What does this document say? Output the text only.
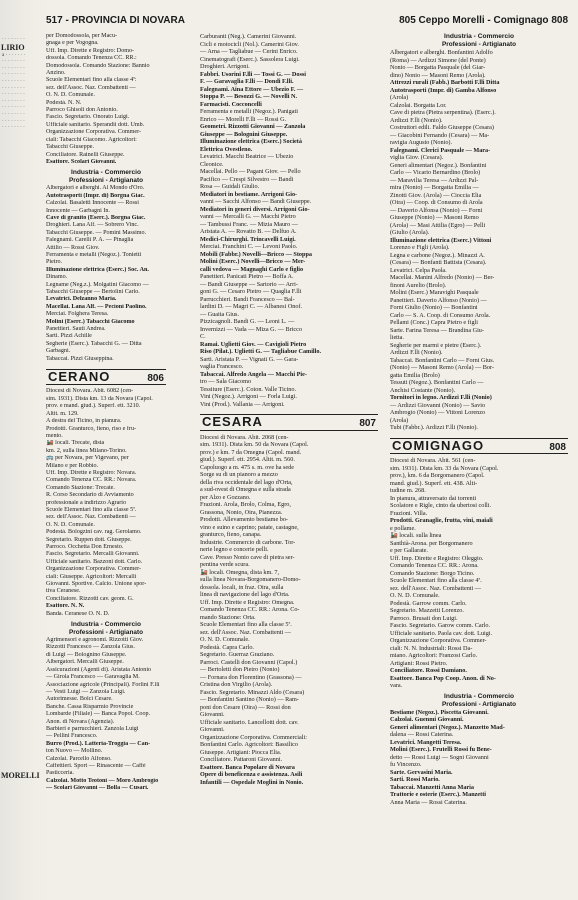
· · · · · · · ·
LIRIO
a · · · · · · ·
· · · · · · · ·
· · · · · · · ·
· · · · · · · ·
· · · · · · · ·
· · · · · · · ·
· · · · · · · ·
· · · · · · · ·
· · · · · · · ·
· · · · · · · ·
· · · · · · · ·
· · · · · · · ·
MORELLI
517 - PROVINCIA DI NOVARA	805 Ceppo Morelli - Comignago 808
per Domodossola, per Macu-
gnaga e per Vogogna.
Uff. Imp. Dirette e Registro: Domo-
dossola. Comando Tenenza CC. RR.:
Domodossola. Comando Stazione: Bannio
Anzino.
Scuole Elementari fino alla classe 4ª:
sez. dell'Assoc. Naz. Combattenti —
O. N. D. Comunale.
Podestà. N. N.
Parroco Ghisoli don Antonio.
Fascio. Segretario. Onorato Luigi.
Ufficiale sanitario. Sperandii dott. Umb.
Organizzazione Corporativa. Commer-
ciali: Tabacchi Giacomo. Agricoltori:
Tabacchi Giuseppe.
Conciliatore. Rainelli Giuseppe.
Esattore. Scolari Giovanni.
Industria - Commercio
Professioni - Artigianato
Albergatori e alberghi. Al Mondo d'Oro.
Autotrasporti (Impr. di) Borgna Giac.
Calzolai. Basaletti Innocente — Rossi
Innocente — Garbagni In.
Cave di granito (Eserc.). Borgna Giac.
Droghieri. Lana Alf. — Sobrero Vinc.
Tabacchi Giuseppe. — Pomini Massimo.
Falegnami. Carelli P. A. — Pinaglia
Attilio — Rossi Giov.
Ferramenta e metalli (Negoz.). Tonietti
Pietro.
Illuminazione elettrica (Eserc.) Soc. An.
Dinamo.
Legname (Neg.z.). Molgatini Giacomo —
Tabacchi Giuseppe — Bertolini Carlo.
Levatrici. Delzanno Maria.
Macellai. Lana Alf. — Pecioni Paolino.
Merciai. Folghera Teresa.
Molini (Eserc.) Tabacchi Giacomo
Panettieri. Sauti Andrea.
Sarti. Pizzi Achille
Segherie (Eserc.). Tabacchi G. — Ditta
Garbagni.
Tabaccai. Pizzi Giuseppina.
CERANO	806
Diocesi di Novara. Abit. 6082 (cen-
sim. 1931). Dista km. 13 da Novara (Capol.
prov. e mand. giud.). Superf. ett. 3210.
Altit. m. 129.
A destra del Ticino, in pianura.
Prodotti. Granturco, fieno, riso e fru-
mento.
🚂 locali. Trecate, dista
km. 2, sulla linea Milano-Torino.
🚌 per Novara, per Vigevano, per
Milano e per Robbio.
Uff. Imp. Dirette e Registro: Novara.
Comando Tenenza CC. RR.: Novara.
Comando Stazione: Trecate.
R. Corso Secondario di Avviamento
professionale a indirizzo Agrario
Scuole Elementari fino alla classe 5ª.
sez. dell'Assoc. Naz. Combattenti —
O. N. D. Comunale.
Podestà. Bologzini cav. rag. Gerolamo.
Segretario. Ruppen dott. Giuseppe.
Parroco. Occhetta Don Ernesto.
Fascio. Segretario. Mercalli Giovanni.
Ufficiale sanitario. Bazzoni dott. Carlo.
Organizzazione Corporativa. Commer-
ciali: Giuseppe. Agricoltori: Mercalli
Giovanni. Sportive. Calcio. Unione spor-
tiva Ceranese.
Conciliatore. Rizzotti cav. geom. G.
Esattore. N. N.
Banda. Ceranese O. N. D.
Industria - Commercio
Professioni - Artigianato
Agrimensori e agronomi. Rizzotti Giov.
Rizzotti Francesco — Zanzola Gius.
di Luigi — Bolognino Giuseppe.
Albergatori. Mercalli Giuseppe.
Assicurazioni (Agenti di). Aristata Antonio
— Girola Francesco — Garavaglia M.
Associazione agricole (Principali). Forlini F.lli
— Vesti Luigi — Zanzola Luigi.
Autorimesse. Bolci Cesare.
Banche. Cassa Risparmio Provincie
Lombarde (Filiale) — Banca Popol. Coop.
Anon. di Novara (Agenzia).
Barbieri e parrucchieri. Zanzola Luigi
— Pellini Francesco.
Burro (Prod.). Latteria-Troggia — Can-
ton Nuovo — Mollino.
Calzolai. Parcello Alfonso.
Caffettieri. Sport — Rinascente — Caffè
Pasticceria.
Calzolai. Motto Teotoni — Moro Ambrogio
— Scolari Giovanni — Bolla — Cusari.
Carburanti (Neg.). Camerini Giovanni.
Cicli e motocicli (Nol.). Camerini Giov.
— Arna — Tagliabue — Cerini Enrico.
Cinematografi (Eserc.). Sassolera Luigi.
Droghieri. Arrigoni.
Fabbri. Usorini F.lli — Tossi G. — Dossi
F. — Garavaglia F.lli — Dondi F.lli.
Falegnami. Aina Ettore — Ubezio F. —
Stoppa P. — Besozzi G. — Novelli N.
Farmacisti. Cocconcelli
Ferramenta e metalli (Negoz.). Panigati
Enrico — Morelli F.lli — Rossi G.
Geometri. Rizzotti Giovanni — Zanzola
Giuseppe — Bolognini Giuseppe.
Illuminazione elettrica (Eserc.) Società
Elettrica Ovestleno.
Levatrici. Macchi Beatrice — Ubezio
Cleonice.
Macellai. Pello — Pagani Giov. — Pello
Pacifico — Crespi Silvestro — Bandi
Rosa — Guidali Giulio.
Mediatori in bestiame. Arrigoni Gio-
vanni — Sacchi Alfonso — Bandi Giuseppe.
Mediatori in generi diversi. Arrigoni Gio-
vanni — Mercalli G. — Macchi Pietro
— Tambussi Franc. — Mizia Mauro —
Aristata A. — Rovatto B. — Delfuo A.
Medici-Chirurghi. Trincavelli Luigi.
Merciai. Franchini C. — Levoni Paolo.
Mobili (Fabbr.) Novelli—Bricco — Stoppa
Molini (Eserc.) Novelli—Bricco — Mer-
calli vedova — Magnaghi Carlo e figlio
Panettieri. Panicati Pietro — Boffa A.
— Bandi Giuseppe — Sartorio — Arri-
goni G. — Cesaro Pietro — Quaglia F.lli
Parrucchieri. Bandi Francesco — Bal-
lardini D. — Magri C. — Albanesi Onof.
— Guaita Gius.
Pizzicagnoli. Bandi G. — Leoni L. —
Invernizzi — Vada — Miza G. — Bricco
C.
Ramai. Uglietti Giov. — Cavigioli Pietro
Riso (Pilat.). Uglietti G. — Tagliabue Camillo.
Sarti. Aristata P. — Vignati G. — Gara-
vaglia Francesco.
Tabaccai. Alfredo Angela — Macchi Pie-
tro — Sala Giacomo
Tessiture (Eserc.). Coton. Valle Ticino.
Vini (Negoz.). Arrigoni — Forla Luigi.
Vini (Prod.). Vallania — Arrigoni.
CESARA	807
Diocesi di Novara. Abit. 2068 (cen-
sim. 1931). Dista km. 50 da Novara (Capol.
prov.) e km. 7 da Omegna (Capol. mand.
giud.). Superf. ett. 2954. Altit. m. 560.
Capoluogo a m. 475 s. m. ove ha sede
Sorge su di un pianoro a mezzo
della riva occidentale del lago d'Orta,
a sud-ovest di Omegna e sulla strada
per Alzo e Gozzano.
Frazioni. Arola, Brolo, Colma, Egro,
Grassona, Nonio, Oira, Pianezza.
Prodotti. Allevamento bestiame bo-
vino e suino e caprino; patate, castagne,
granturco, fieno, canapa.
Industrie. Commercio di carbone. Tor-
nerie legno e concerie pelli.
Cave. Presso Nonio cave di pietra ser-
pentina verde scura.
🚂 locali. Omegna, dista km. 7,
sulla linea Novara-Borgomanero-Domo-
dossola. locali, in fraz. Oira, sulla
linea di navigazione del lago d'Orta.
Uff. Imp. Dirette e Registro: Omegna.
Comando Tenenza CC. RR.: Arona. Co-
mando Stazione: Orta.
Scuole Elementari fino alla classe 5ª.
sez. dell'Assoc. Naz. Combattenti —
O. N. D. Comunale.
Podestà. Capra Carlo.
Segretario. Guerraz Graziano.
Parroci. Castelli don Giovanni (Capol.)
— Bertoletti don Pietro (Nonio)
— Fornara don Florentino (Grassona) —
Cristina don Virgilio (Arola).
Fascio. Segretario. Minazzi Aldo (Cesara)
— Bonfantini Santino (Nonio) — Ram-
poni don Cesare (Oira) — Rossi don
Giovanni.
Ufficiale sanitario. Lancellotti dott. cav.
Giovanni.
Organizzazione Corporativa. Commerciali:
Bonfantini Carlo. Agricoltori: Bassilico
Giuseppe. Artigiani: Piocca Elia.
Conciliatore. Pattaroni Giovanni.
Esattore. Banca Popolare di Novara
Opere di beneficenza e assistenza. Asili
Infantili — Ospedale Moglini in Nonio.
Industria - Commercio
Professioni - Artigianato
Albergatori e alberghi. Bonfantini Adolfo
(Roma) — Ardizzi Simone (del Ponte)
Nonio — Borgatta Pasquale (del Giar-
dino) Nonio — Masoni Remo (Arola).
Attrezzi rurali (Fabb.) Barbotti F.lli Ditta
Autotrasporti (Impr. di) Gamba Alfonso
(Arola)
Calzolai. Borgatta Lor.
Cave di pietra (Pietra serpentina). (Eserc.).
Ardizzi F.lli (Nonio).
Costruttori edili. Faldo Giuseppe (Cesara)
— Giacobini Fernando (Cesara) — Ma-
ravigia Augusto (Nonio).
Falegnami. Clerici Pasquale — Mara-
viglia Giov. (Cesara).
Generi alimentari (Negoz.). Bonfantini
Carlo — Vicario Bernardino (Brolo)
— Maravilia Teresa — Ardizzi Pal-
mira (Nonio) — Borgatta Emilia —
Zinotti Giov. (Arola) — Cioccia Elia
(Oira) — Coop. di Consumo di Arola
— Daverio Alfonsa (Nonio) — Forni
Giuseppe (Nonio) — Masoni Remo
(Arola) — Masi Attilia (Egro) — Pelli
(Giulio (Arola).
Illuminazione elettrica (Eserc.) Vittoni
Lorenzo e Figli (Arola).
Legna e carbone (Negoz.). Minazzi A.
(Cesara) — Bonfanti Battista (Cesara).
Levatrici. Celpa Paola.
Macellai. Manini Alfredo (Nonio) — Ber-
finoni Aurelio (Brolo).
Molini (Eserc.) Maravighi Pasquale
Panettieri. Daverio Alfonso (Nonio) —
Forni Giulio (Nonio) — Bonfantini
Carlo — S. A. Coop. di Consumo Arola.
Pellami (Conc.) Capra Pietro e figli
Sarte. Farina Teresa — Brandina Giu-
lietta.
Segherie per marmi e pietre (Eserc.).
Ardizzi F.lli (Nonio).
Tabaccai. Bonfantini Carlo — Forni Gius.
(Nonio) — Masoni Remo (Arola) — Bor-
gatta Emilia (Brolo)
Tessuti (Negoz.). Bonfantini Carlo —
Anchisi Costante (Nonio).
Tornitori in legno. Ardizzi F.lli (Nonio)
— Ardizzi Giovanni (Nonio) — Savio
Ambrogio (Nonio) — Vittoni Lorenzo
(Arola)
Tubi (Fabbr.). Ardizzi F.lli (Nonio).
COMIGNAGO	808
Diocesi di Novara. Abit. 561 (cen-
sim. 1931). Dista km. 33 da Novara (Capol.
prov.), km. 6 da Borgomanero (Capol.
mand. giud.). Superf. ett. 438. Alti-
tudine m. 268.
In pianura, attraversato dai torrenti
Scolatore e Rigle, cinto da ubertosi colli.
Frazioni. Villa.
Prodotti. Granaglie, frutta, vini, maiali
e pollame.
🚂 locali. sulla linea
Santhià-Arona. per Borgomanero
e per Gallarate.
Uff. Imp. Dirette e Registro: Oleggio.
Comando Tenenza CC. RR.: Arona.
Comando Stazione: Borgo Ticino.
Scuole Elementari fino alla classe 4ª.
sez. dell'Assoc. Naz. Combattenti —
O. N. D. Comunale.
Podestà. Garrow comm. Carlo.
Segretario. Mazzetti Lorenzo.
Parroco. Brusati don Luigi.
Fascio. Segretario. Garow comm. Carlo.
Ufficiale sanitario. Paola cav. dott. Luigi.
Organizzazione Corporativa. Commer-
ciali: N. N. Industriali: Rossi Da-
miano. Agricoltori: Franzosi Carlo.
Artigiani: Rossi Pietro.
Conciliatore. Rossi Damiano.
Esattore. Banca Pop Coop. Anon. di No-
vara.
Industria - Commercio
Professioni - Artigianato
Bestiame (Negoz.). Piscetta Giovanni.
Calzolai. Guenmi Giovanni.
Generi alimentari (Negoz.). Manzetto Mad-
dalena — Rossi Caterina.
Levatrici. Mangetti Teresa.
Molini (Eserc.). Frutelli Rossi fu Bene-
detto — Rossi Luigi — Sogni Giovanni
fu Vincenzo.
Sarte. Gervasini Maria.
Sarti. Rossi Mario.
Tabaccai. Manzetti Anna Maria
Trattorie e osterie (Eserc.). Manzetti
Anna Maria — Rossi Caterina.
